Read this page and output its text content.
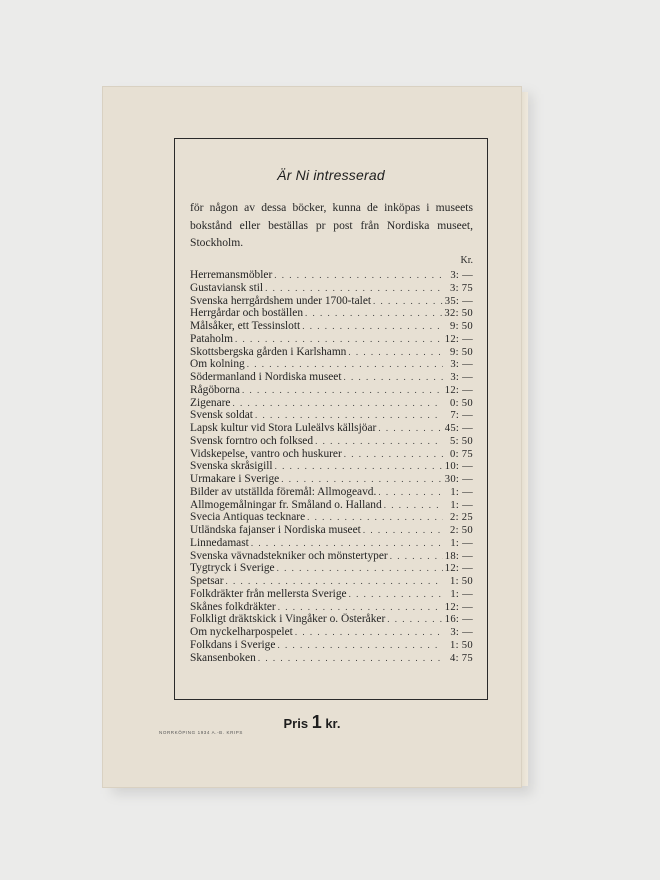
Är Ni intresserad
för någon av dessa böcker, kunna de inköpas i museets bokstånd eller beställas pr post från Nordiska museet, Stockholm.
Kr.
Herremansmöbler . . .	3: —
Gustaviansk stil . . .	3: 75
Svenska herrgårdshem under 1700-talet . . .	35: —
Herrgårdar och boställen . . .	32: 50
Målsåker, ett Tessinslott . . .	9: 50
Pataholm . . .	12: —
Skottsbergska gården i Karlshamn . . .	9: 50
Om kolning . . .	3: —
Södermanland i Nordiska museet . . .	3: —
Rågöborna . . .	12: —
Zigenare . . .	0: 50
Svensk soldat . . .	7: —
Lapsk kultur vid Stora Luleälvs källsjöar . . .	45: —
Svensk forntro och folksed . . .	5: 50
Vidskepelse, vantro och huskurer . . .	0: 75
Svenska skråsigill . . .	10: —
Urmakare i Sverige . . .	30: —
Bilder av utställda föremål: Allmogeavd. . . .	1: —
Allmogemålningar fr. Småland o. Halland . . .	1: —
Svecia Antiquas tecknare . . .	2: 25
Utländska fajanser i Nordiska museet . . .	2: 50
Linnedamast . . .	1: —
Svenska vävnadstekniker och mönstertyper . . .	18: —
Tygtryck i Sverige . . .	12: —
Spetsar . . .	1: 50
Folkdräkter från mellersta Sverige . . .	1: —
Skånes folkdräkter . . .	12: —
Folkligt dräktskick i Vingåker o. Österåker . . .	16: —
Om nyckelharpospelet . . .	3: —
Folkdans i Sverige . . .	1: 50
Skansenboken . . .	4: 75
Pris 1 kr.
NORRKÖPING 1934 A.-B. KRIPS
